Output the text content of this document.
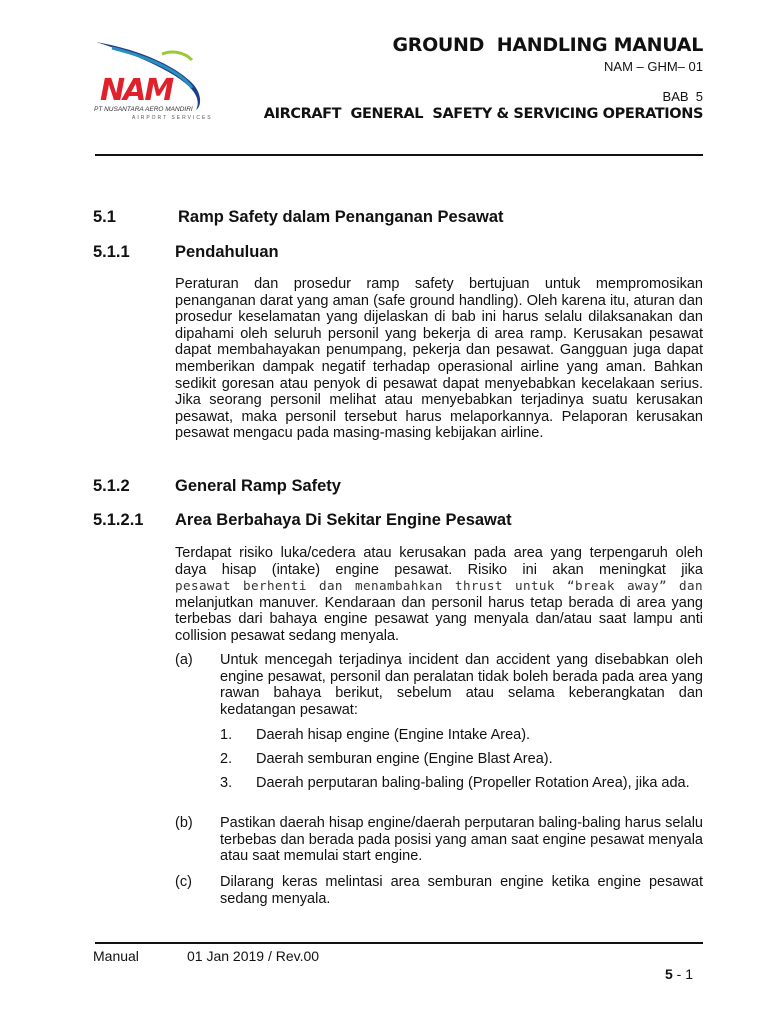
NAM
PT NUSANTARA AERO MANDIRI
AIRPORT SERVICES
GROUND  HANDLING MANUAL
NAM – GHM– 01
BAB  5
AIRCRAFT  GENERAL  SAFETY & SERVICING OPERATIONS
5.1	Ramp Safety dalam Penanganan Pesawat
5.1.1	Pendahuluan
Peraturan dan prosedur ramp safety bertujuan untuk mempromosikan penanganan darat yang aman (safe ground handling). Oleh karena itu, aturan dan prosedur keselamatan yang dijelaskan di bab ini harus selalu dilaksanakan dan dipahami oleh seluruh personil yang bekerja di area ramp. Kerusakan pesawat dapat membahayakan penumpang, pekerja dan pesawat. Gangguan juga dapat memberikan dampak negatif terhadap operasional airline yang aman. Bahkan sedikit goresan atau penyok di pesawat dapat menyebabkan kecelakaan serius. Jika seorang personil melihat atau menyebabkan terjadinya suatu kerusakan pesawat, maka personil tersebut harus melaporkannya. Pelaporan kerusakan pesawat mengacu pada masing-masing kebijakan airline.
5.1.2	General Ramp Safety
5.1.2.1 Area Berbahaya Di Sekitar Engine Pesawat
Terdapat risiko luka/cedera atau kerusakan pada area yang terpengaruh oleh daya hisap (intake) engine pesawat. Risiko ini akan meningkat jika
pesawat berhenti dan menambahkan thrust untuk “break away” dan
melanjutkan manuver. Kendaraan dan personil harus tetap berada di area yang terbebas dari bahaya engine pesawat yang menyala dan/atau saat lampu anti collision pesawat sedang menyala.
(a) Untuk mencegah terjadinya incident dan accident yang disebabkan oleh engine pesawat, personil dan peralatan tidak boleh berada pada area yang rawan bahaya berikut, sebelum atau selama keberangkatan dan kedatangan pesawat:
1. Daerah hisap engine (Engine Intake Area).
2. Daerah semburan engine (Engine Blast Area).
3. Daerah perputaran baling-baling (Propeller Rotation Area), jika ada.
(b) Pastikan daerah hisap engine/daerah perputaran baling-baling harus selalu terbebas dan berada pada posisi yang aman saat engine pesawat menyala atau saat memulai start engine.
(c) Dilarang keras melintasi area semburan engine ketika engine pesawat sedang menyala.
Manual	01 Jan 2019 / Rev.00
5 - 1
